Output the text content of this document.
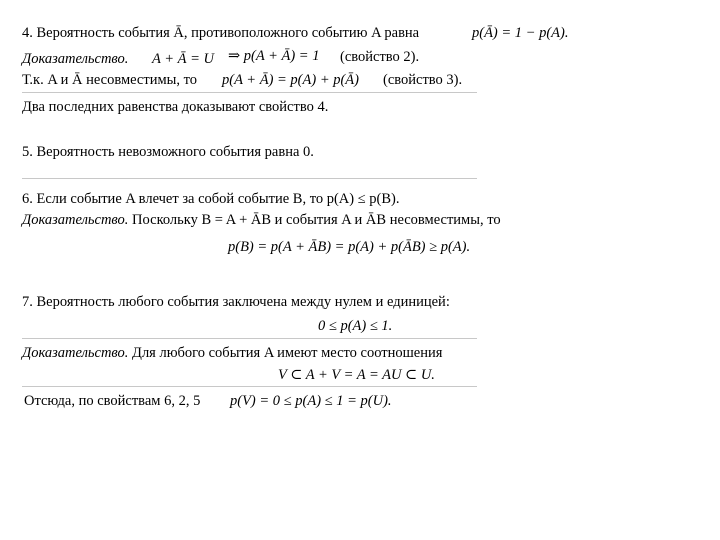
4. Вероятность события Ā, противоположного событию A равна	p(Ā) = 1 − p(A).
Доказательство. A + Ā = U ⇒ p(A + Ā) = 1 (свойство 2).
Т.к. A и Ā несовместимы, то p(A + Ā) = p(A) + p(Ā) (свойство 3).
Два последних равенства доказывают свойство 4.
5. Вероятность невозможного события равна 0.
6. Если событие A влечет за собой событие B, то p(A) ≤ p(B).
Доказательство. Поскольку B = A + ĀB и события A и ĀB несовместимы, то
p(B) = p(A + ĀB) = p(A) + p(ĀB) ≥ p(A).
7. Вероятность любого события заключена между нулем и единицей:
0 ≤ p(A) ≤ 1.
Доказательство. Для любого события A имеют место соотношения
V ⊂ A + V = A = AU ⊂ U.
Отсюда, по свойствам 6, 2, 5 p(V) = 0 ≤ p(A) ≤ 1 = p(U).
